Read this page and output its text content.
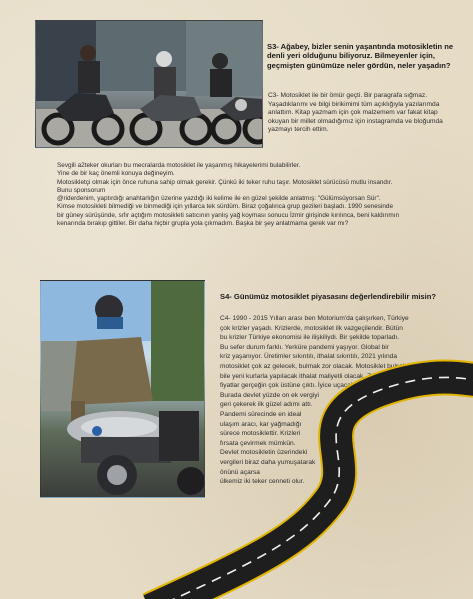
S3- Ağabey, bizler senin yaşantında motosikletin ne denli yeri olduğunu biliyoruz. Bilmeyenler için, geçmişten günümüze neler gördün, neler yaşadın?
C3- Motosiklet ile bir ömür geçti. Bir paragrafa sığmaz. Yaşadıklarımı ve bilgi birikimimi tüm açıklığıyla yazılarımda anlattım. Kitap yazmam için çok malzemem var fakat kitap okuyan bir millet olmadığımız için instagramda ve bloğumda yazmayı tercih ettim.

Sevgili a2teker okurları bu mecralarda motosiklet ile yaşanmış hikayelerimi bulabilirler.

Yine de bir kaç önemli konuya değineyim.

Motosikletçi olmak için önce ruhuna sahip olmak gerekir. Çünkü iki teker ruhu taşır. Motosiklet sürücüsü mutlu insandır.

Bunu sponsorum

@riderdenim, yaptırdığı anahtarlığın üzerine yazdığı iki kelime ile en güzel şekilde anlatmış: "Gülümsüyorsan Sür".

Kimse motosikleti bilmediği ve binmediği için yıllarca tek sürdüm. Biraz çoğalınca grup gezileri başladı. 1990 senesinde

bir güney sürüşünde, sıfır açtığım motosikleti satıcının yanlış yağ koyması sonucu İzmir girişinde kırılınca, beni kaldırımın

kenarında bırakıp gittiler. Bir daha hiçbir grupla yola çıkmadım. Başka bir şey anlatmama gerek var mı?

S4- Günümüz motosiklet piyasasını değerlendirebilir misin?
C4- 1990 - 2015 Yılları arası ben Motorium'da çalışırken, Türkiye
çok krizler yaşadı. Krizlerde, motosiklet ilk vazgeçilendir. Bütün
bu krizler Türkiye ekonomisi ile ilişkiliydi. Bir şekilde toparladı.
Bu sefer durum farklı. Yerküre pandemi yaşıyor. Global bir
kriz yaşanıyor. Üretimler sıkıntılı, ithalat sıkıntılı, 2021 yılında
motosiklet çok az gelecek, bulmak zor olacak. Motosiklet bulsak
bile yeni kurlarla yapılacak ithalat maliyetli olacak. Zaten
fiyatlar gerçeğin çok üstüne çıktı. İyice uçacak.
Burada devlet yüzde on ek vergiyi
geri çekerek ilk güzel adımı attı.
Pandemi sürecinde en ideal
ulaşım aracı, kar yağmadığı
sürece motosiklettir. Krizleri
fırsata çevirmek mümkün.
Devlet motosikletin üzerindeki
vergileri biraz daha yumuşatarak
önünü açarsa
ülkemiz iki teker cenneti olur.
